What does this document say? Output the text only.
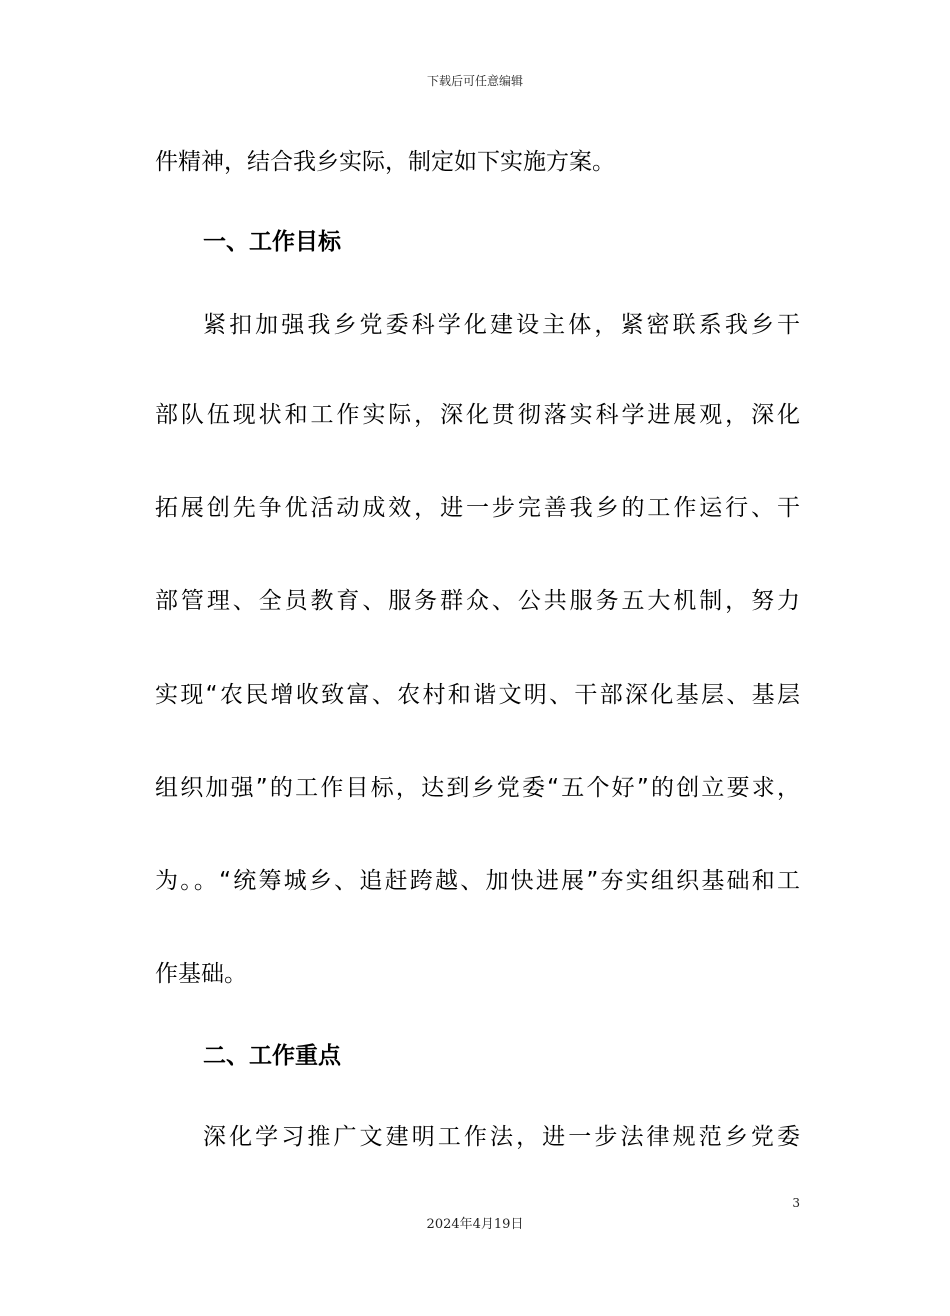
下载后可任意编辑
件精神，结合我乡实际，制定如下实施方案。
一、工作目标
紧扣加强我乡党委科学化建设主体，紧密联系我乡干
部队伍现状和工作实际，深化贯彻落实科学进展观，深化
拓展创先争优活动成效，进一步完善我乡的工作运行、干
部管理、全员教育、服务群众、公共服务五大机制，努力
实现“农民增收致富、农村和谐文明、干部深化基层、基层
组织加强”的工作目标，达到乡党委“五个好”的创立要求，
为。。“统筹城乡、追赶跨越、加快进展”夯实组织基础和工
作基础。
二、工作重点
深化学习推广文建明工作法，进一步法律规范乡党委
3
2024年4月19日
